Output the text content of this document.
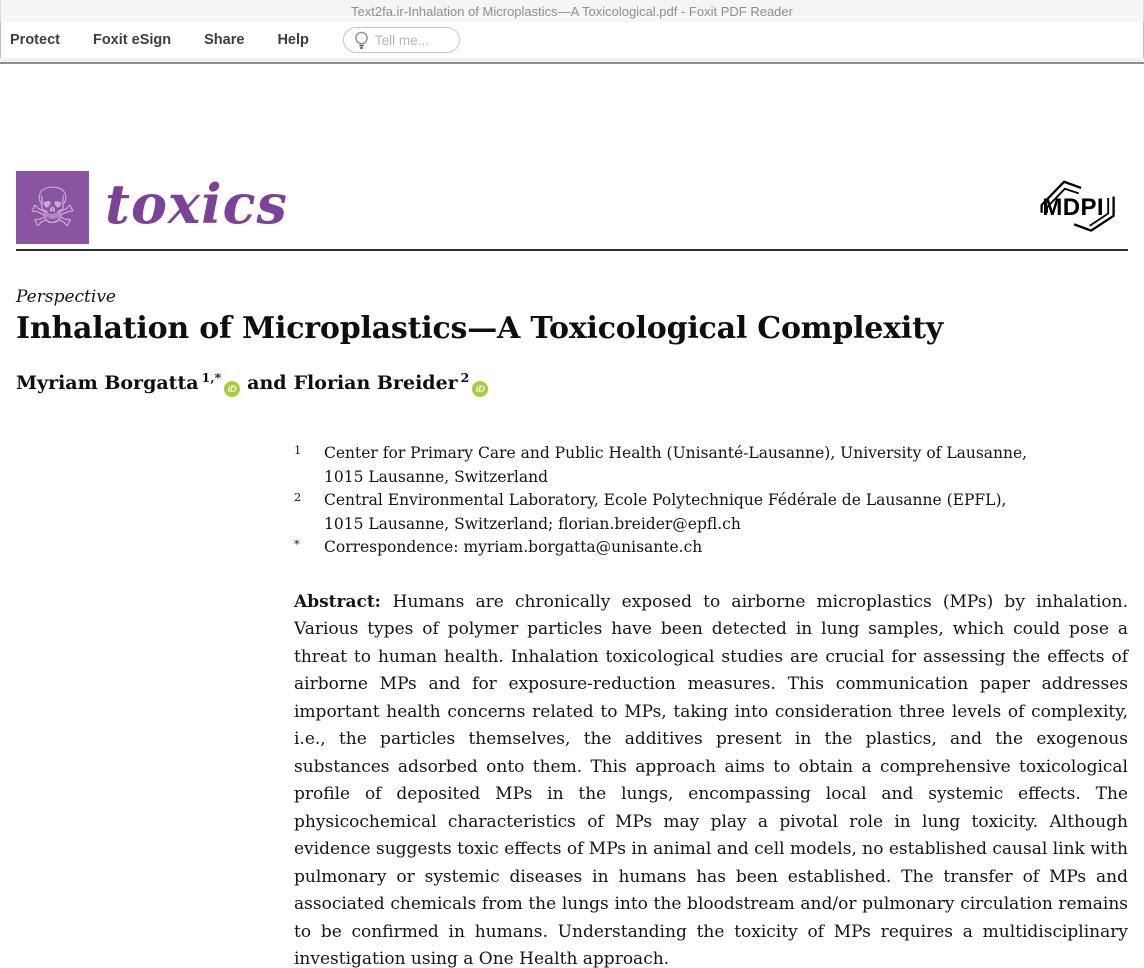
Text2fa.ir-Inhalation of Microplastics—A Toxicological.pdf - Foxit PDF Reader
Protect Foxit eSign Share Help
Tell me...
☠ toxics	MDPI
Perspective
Inhalation of Microplastics—A Toxicological Complexity
Myriam Borgatta 1,*
iD and Florian Breider 2
iD
1	Center for Primary Care and Public Health (Unisanté-Lausanne), University of Lausanne,
1015 Lausanne, Switzerland
2	Central Environmental Laboratory, Ecole Polytechnique Fédérale de Lausanne (EPFL),
1015 Lausanne, Switzerland; florian.breider@epfl.ch
*	Correspondence: myriam.borgatta@unisante.ch

Abstract: Humans are chronically exposed to airborne microplastics (MPs) by inhalation. Various types of polymer particles have been detected in lung samples, which could pose a threat to human health. Inhalation toxicological studies are crucial for assessing the effects of airborne MPs and for exposure-reduction measures. This communication paper addresses important health concerns related to MPs, taking into consideration three levels of complexity, i.e., the particles themselves, the additives present in the plastics, and the exogenous substances adsorbed onto them. This approach aims to obtain a comprehensive toxicological profile of deposited MPs in the lungs, encompassing local and systemic effects. The physicochemical characteristics of MPs may play a pivotal role in lung toxicity. Although evidence suggests toxic effects of MPs in animal and cell models, no established causal link with pulmonary or systemic diseases in humans has been established. The transfer of MPs and associated chemicals from the lungs into the bloodstream and/or pulmonary circulation remains to be confirmed in humans. Understanding the toxicity of MPs requires a multidisciplinary investigation using a One Health approach.
